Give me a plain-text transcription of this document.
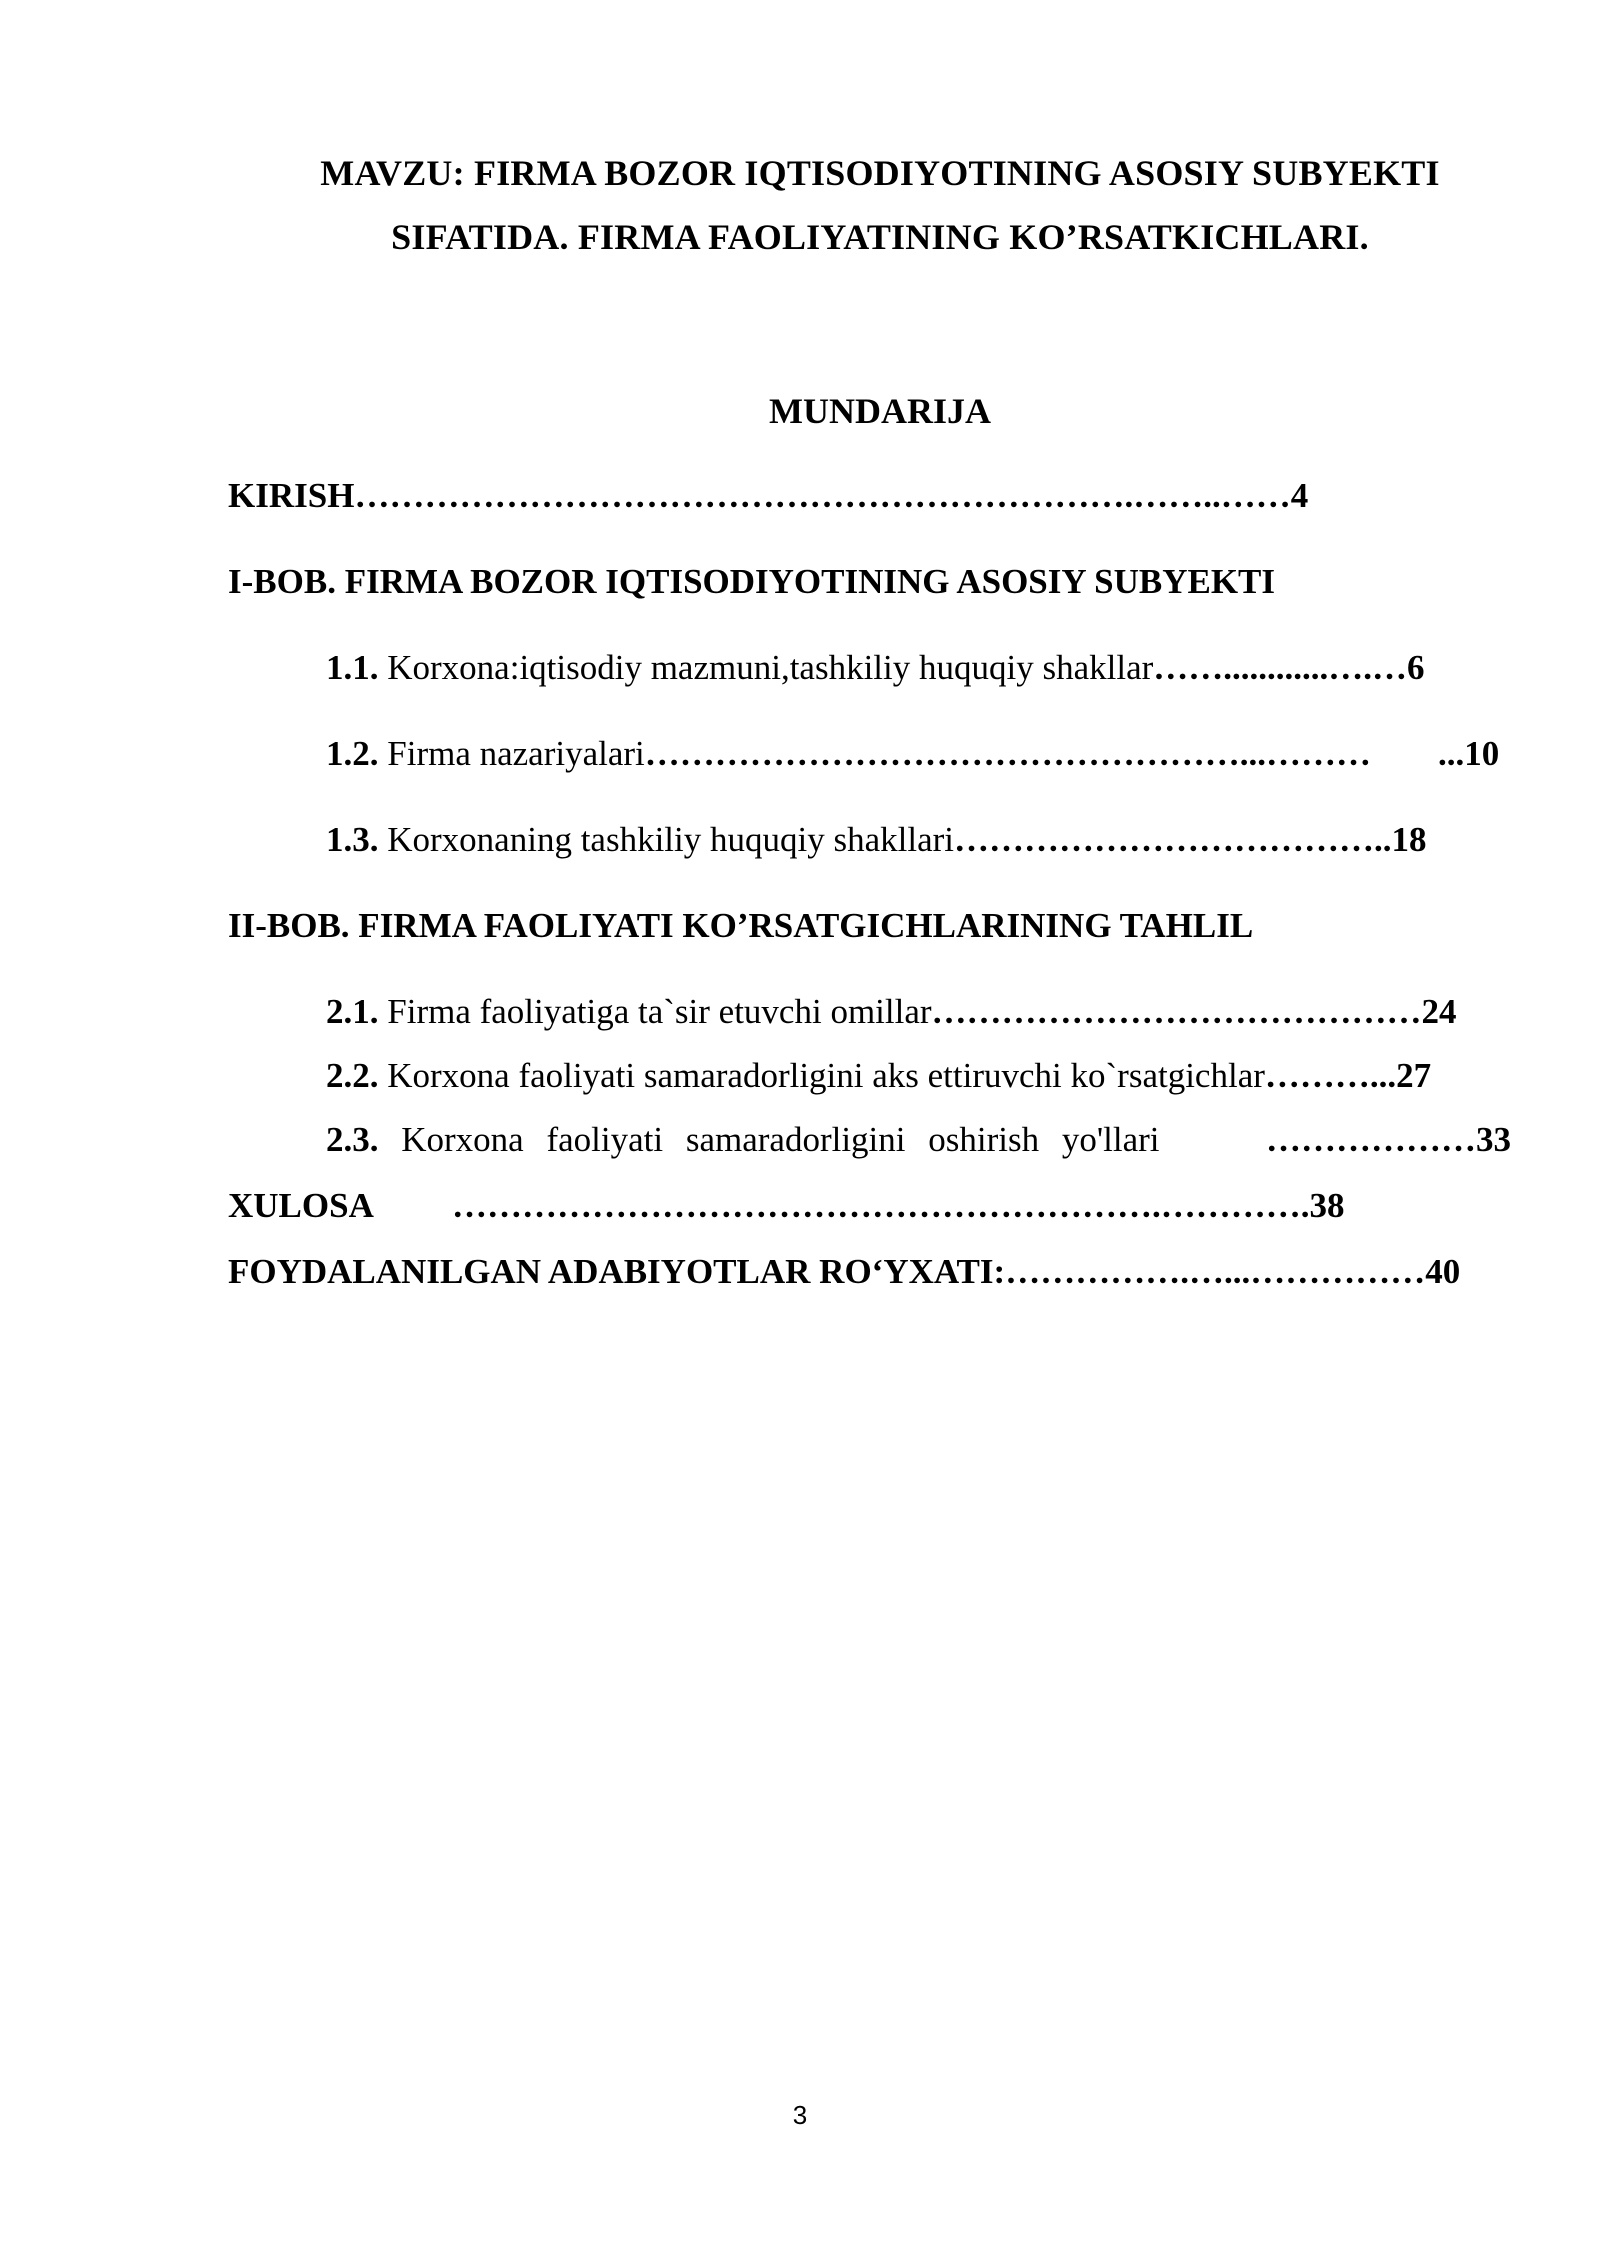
MAVZU: FIRMA BOZOR IQTISODIYOTINING ASOSIY SUBYEKTI
SIFATIDA. FIRMA FAOLIYATINING KO’RSATKICHLARI.
MUNDARIJA
KIRISH………………………………………………………….……..……4
I-BOB. FIRMA BOZOR IQTISODIYOTINING ASOSIY SUBYEKTI
1.1. Korxona:iqtisodiy mazmuni,tashkiliy huquqiy shakllar……............….…6
1.2. Firma nazariyalari……………………………………………...……… ...10
1.3. Korxonaning tashkiliy huquqiy shakllari………………………………..18
II-BOB. FIRMA FAOLIYATI KO’RSATGICHLARINING TAHLIL
2.1. Firma faoliyatiga ta`sir etuvchi omillar……………………………………24
2.2. Korxona faoliyati samaradorligini aks ettiruvchi ko`rsatgichlar………...27
2.3. Korxona faoliyati samaradorligini oshirish yo'llari	………………33
XULOSA …………………………………………………….………….38
FOYDALANILGAN ADABIYOTLAR RO‘YXATI:…………….…...……………40
3
